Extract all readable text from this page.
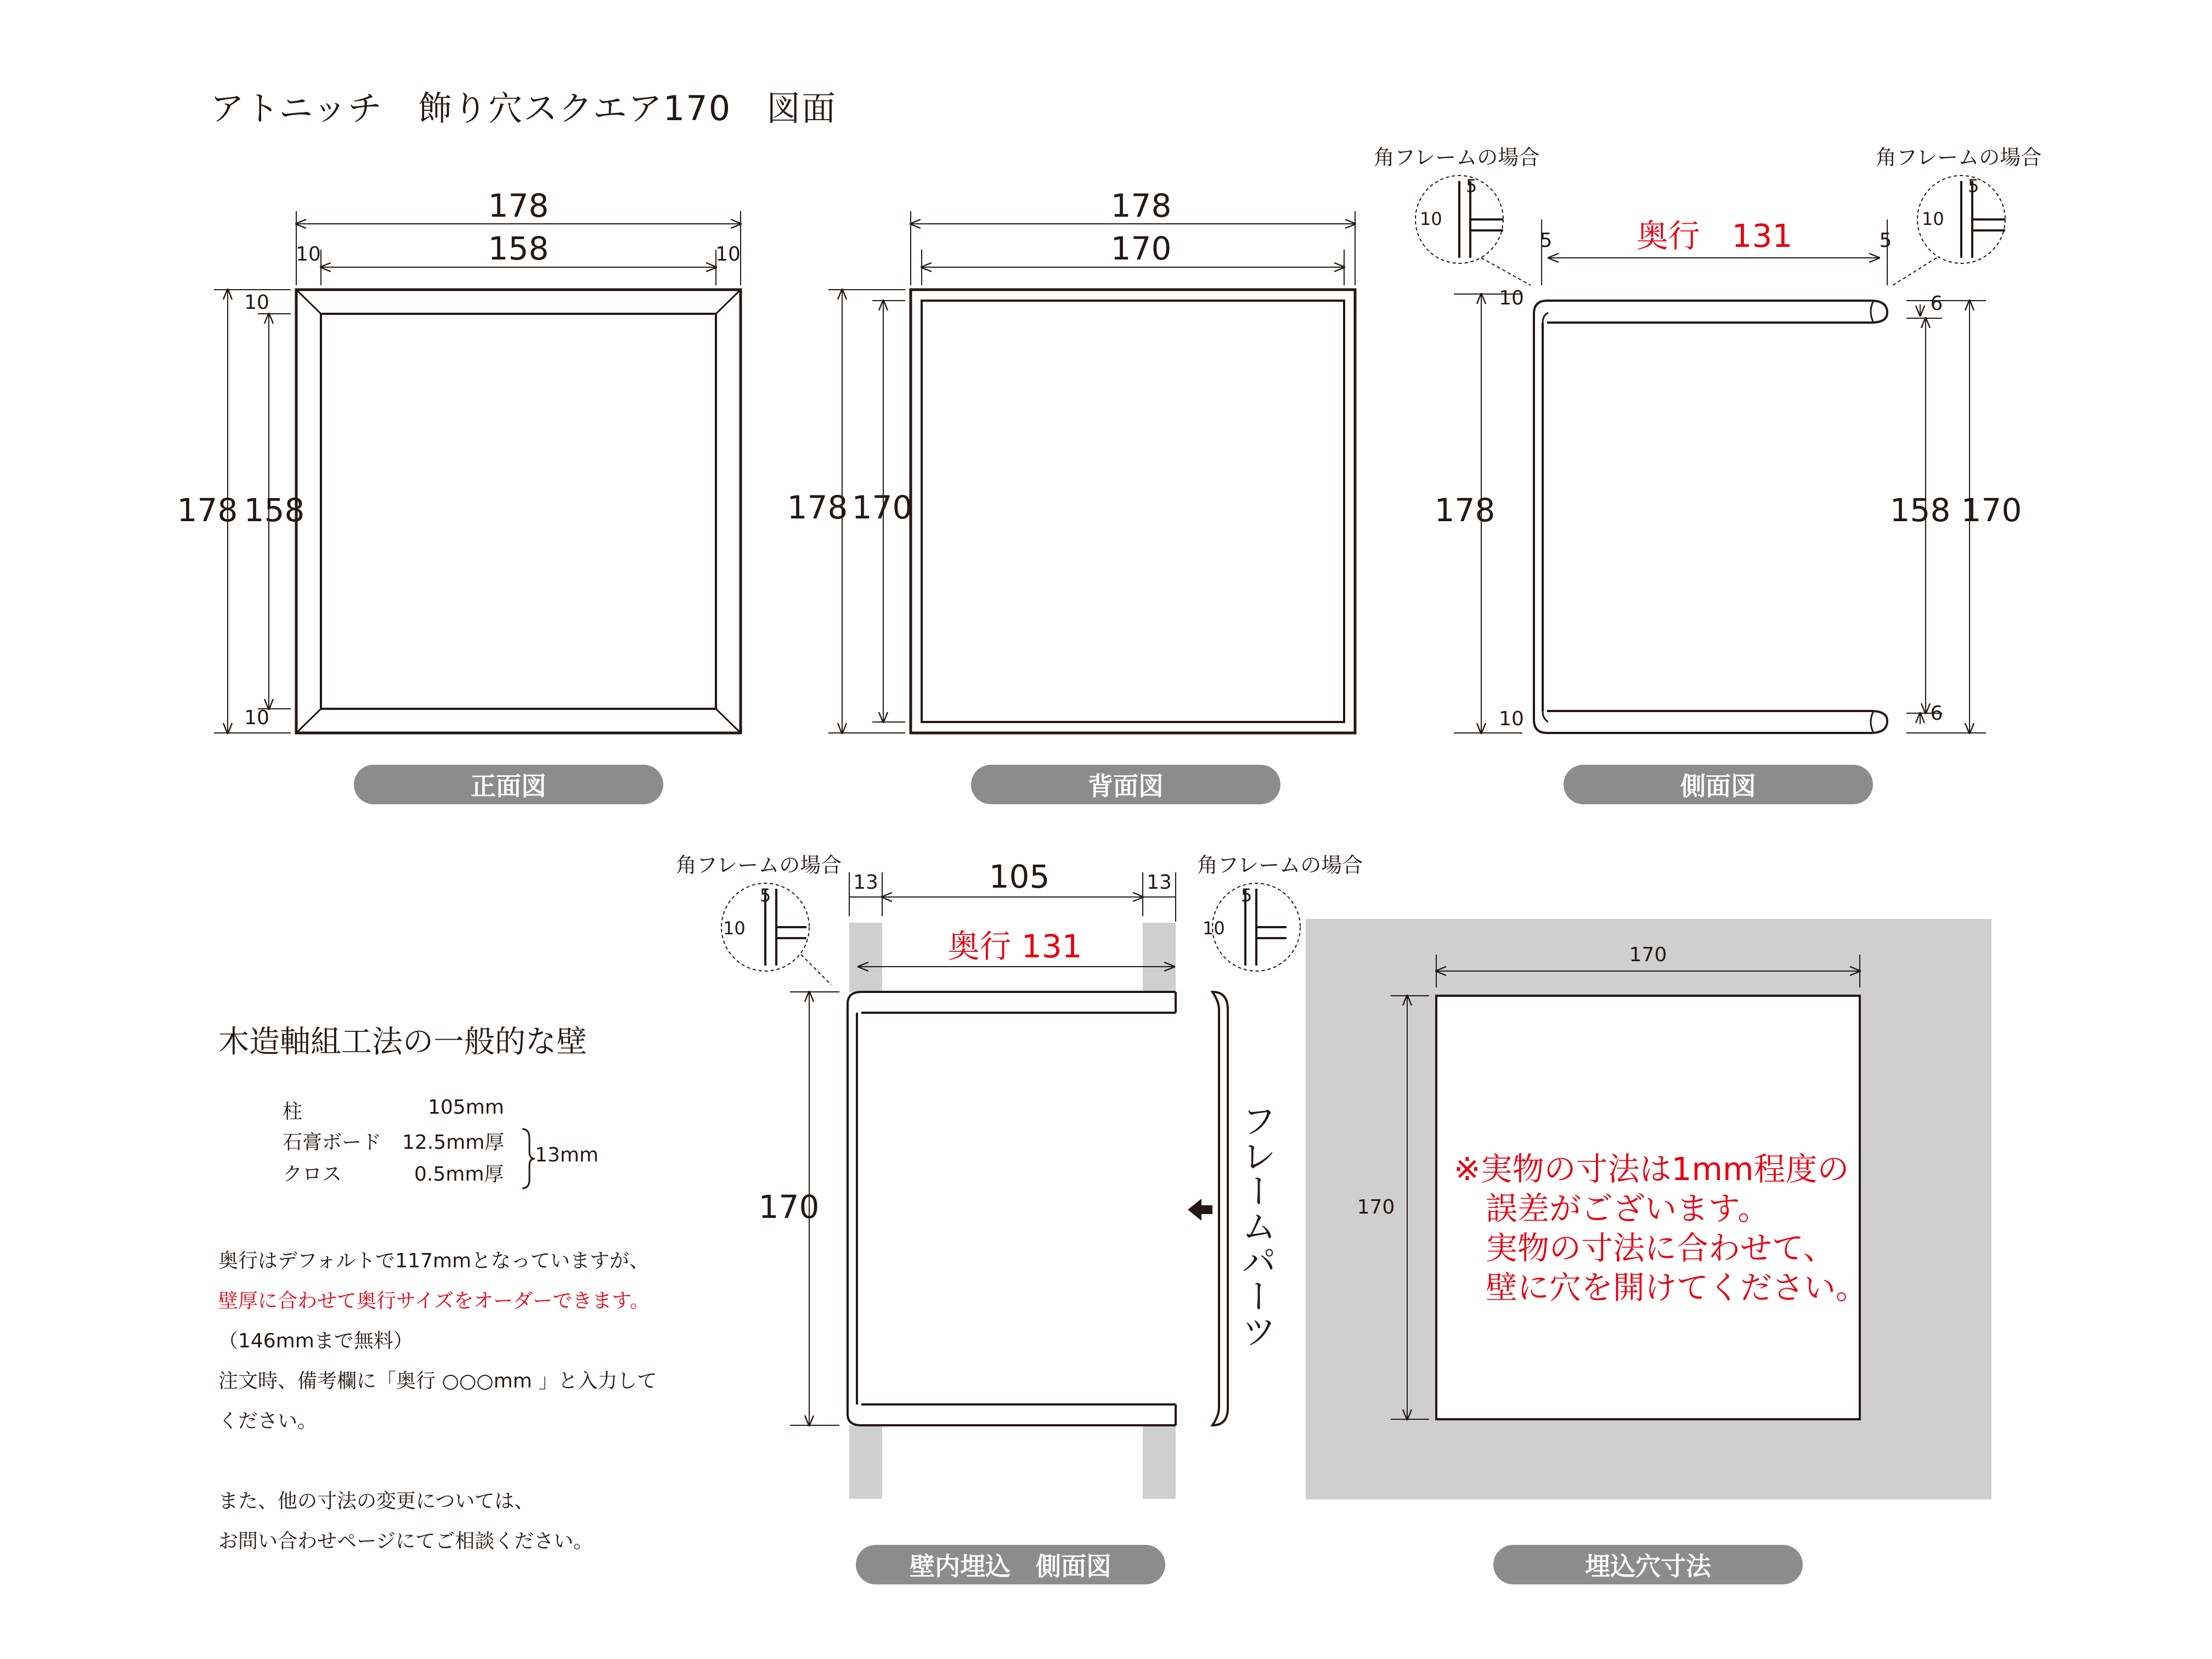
アトニッチ　飾り穴スクエア170　図面
178
158
10	10
178 158
10
10
178
170
178 170
角フレームの場合	角フレームの場合
5
10
5
10
奥行　131
5	5
10
10
178
6
6
158 170
角フレームの場合	角フレームの場合
5
10
5
10
13	105	13
奥行 131
170
170
170
正面図	背面図	側面図
壁内埋込　側面図	埋込穴寸法
フレームパーツ
木造軸組工法の一般的な壁
柱	105mm
石膏ボード 12.5mm厚
クロス	0.5mm厚
13mm
奥行はデフォルトで117mmとなっていますが、
壁厚に合わせて奥行サイズをオーダーできます。
（146mmまで無料）
注文時、備考欄に「奥行 ○○○mm 」と入力して
ください。
また、他の寸法の変更については、
お問い合わせページにてご相談ください。
※実物の寸法は1mm程度の
誤差がございます。
実物の寸法に合わせて、
壁に穴を開けてください。
